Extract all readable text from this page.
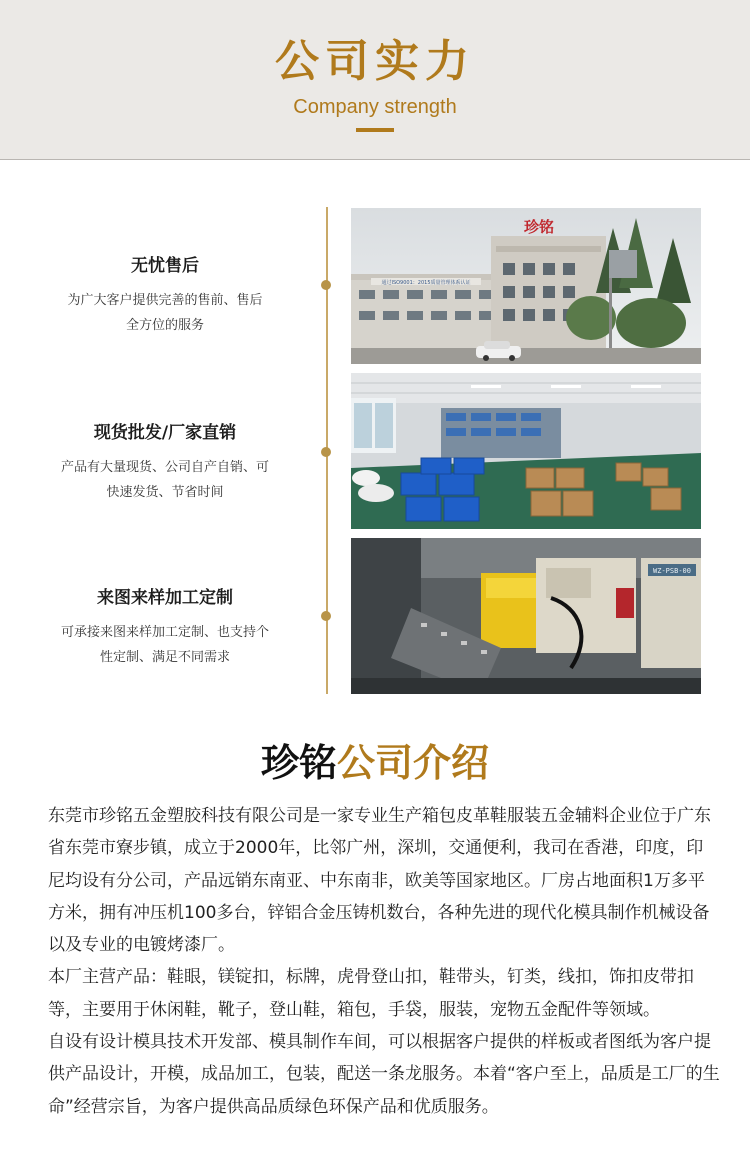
公司实力
Company strength
无忧售后
为广大客户提供完善的售前、售后
全方位的服务
现货批发/厂家直销
产品有大量现货、公司自产自销、可
快速发货、节省时间
来图来样加工定制
可承接来图来样加工定制、也支持个
性定制、满足不同需求
通过ISO9001：2015质量管理体系认证
珍铭
WZ-PSB-00
珍铭公司介绍

东莞市珍铭五金塑胶科技有限公司是一家专业生产箱包皮革鞋服装五金辅料企业位于广东省东莞市寮步镇，成立于2000年，比邻广州，深圳，交通便利，我司在香港，印度，印尼均设有分公司，产品远销东南亚、中东南非，欧美等国家地区。厂房占地面积1万多平方米，拥有冲压机100多台，锌铝合金压铸机数台，各种先进的现代化模具制作机械设备以及专业的电镀烤漆厂。

本厂主营产品：鞋眼，镁锭扣，标牌，虎骨登山扣，鞋带头，钉类，线扣，饰扣皮带扣等，主要用于休闲鞋，靴子，登山鞋，箱包，手袋，服装，宠物五金配件等领域。

自设有设计模具技术开发部、模具制作车间，可以根据客户提供的样板或者图纸为客户提供产品设计，开模，成品加工，包装，配送一条龙服务。本着“客户至上，品质是工厂的生命”经营宗旨，为客户提供高品质绿色环保产品和优质服务。
